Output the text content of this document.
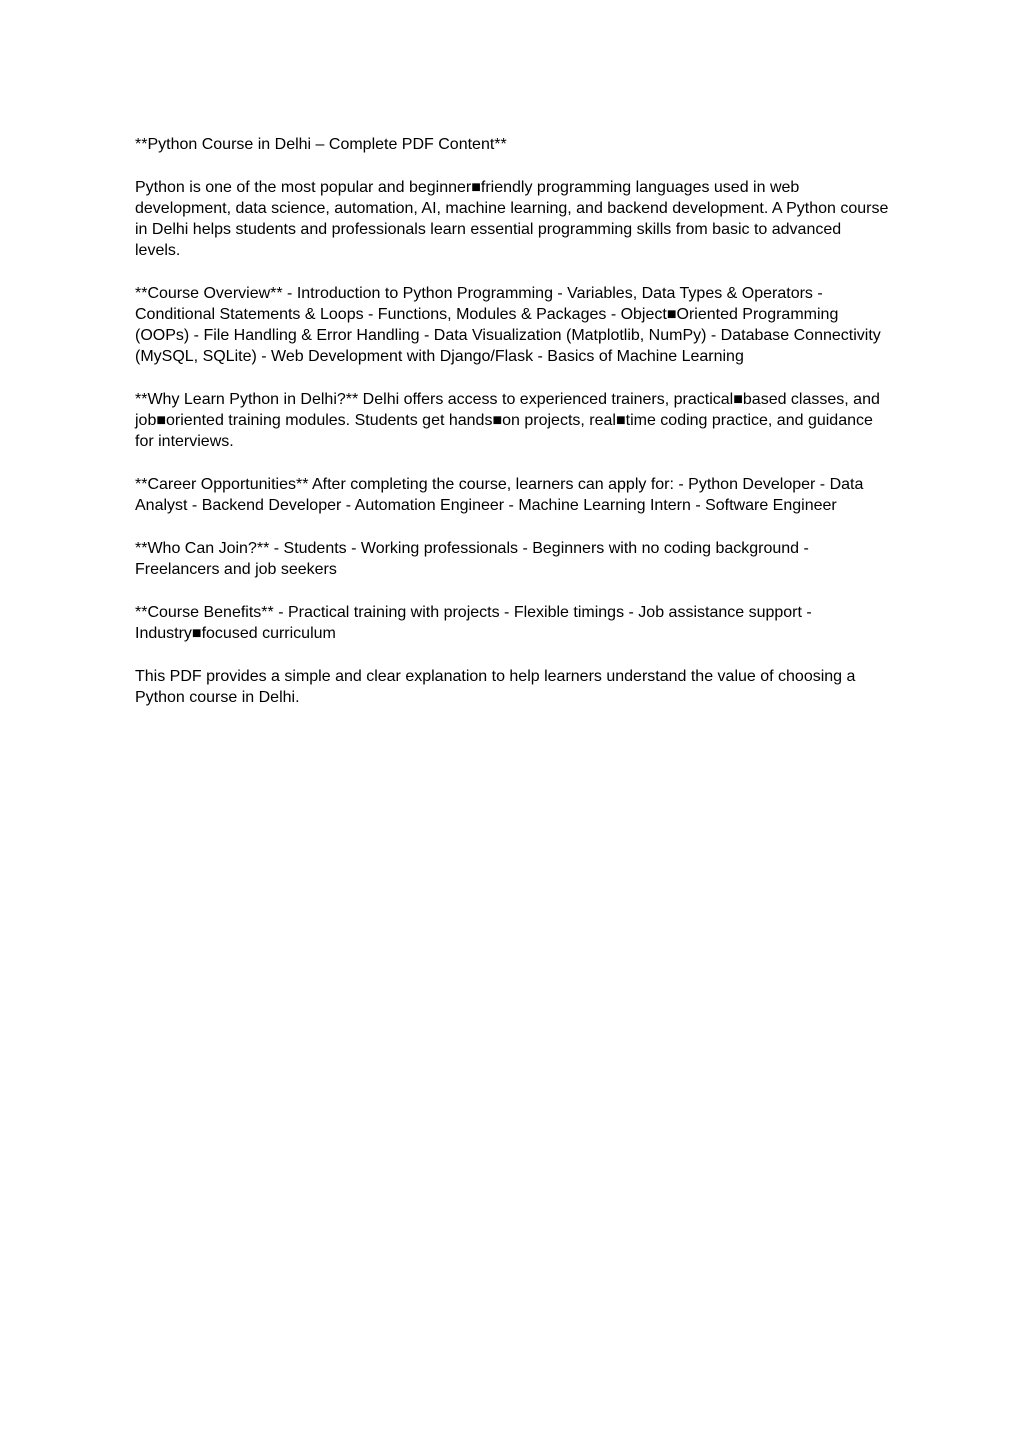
**Python Course in Delhi – Complete PDF Content**

Python is one of the most popular and beginner■friendly programming languages used in web development, data science, automation, AI, machine learning, and backend development. A Python course in Delhi helps students and professionals learn essential programming skills from basic to advanced levels.

**Course Overview** - Introduction to Python Programming - Variables, Data Types & Operators - Conditional Statements & Loops - Functions, Modules & Packages - Object■Oriented Programming (OOPs) - File Handling & Error Handling - Data Visualization (Matplotlib, NumPy) - Database Connectivity (MySQL, SQLite) - Web Development with Django/Flask - Basics of Machine Learning

**Why Learn Python in Delhi?** Delhi offers access to experienced trainers, practical■based classes, and job■oriented training modules. Students get hands■on projects, real■time coding practice, and guidance for interviews.

**Career Opportunities** After completing the course, learners can apply for: - Python Developer - Data Analyst - Backend Developer - Automation Engineer - Machine Learning Intern - Software Engineer

**Who Can Join?** - Students - Working professionals - Beginners with no coding background - Freelancers and job seekers

**Course Benefits** - Practical training with projects - Flexible timings - Job assistance support - Industry■focused curriculum

This PDF provides a simple and clear explanation to help learners understand the value of choosing a Python course in Delhi.
